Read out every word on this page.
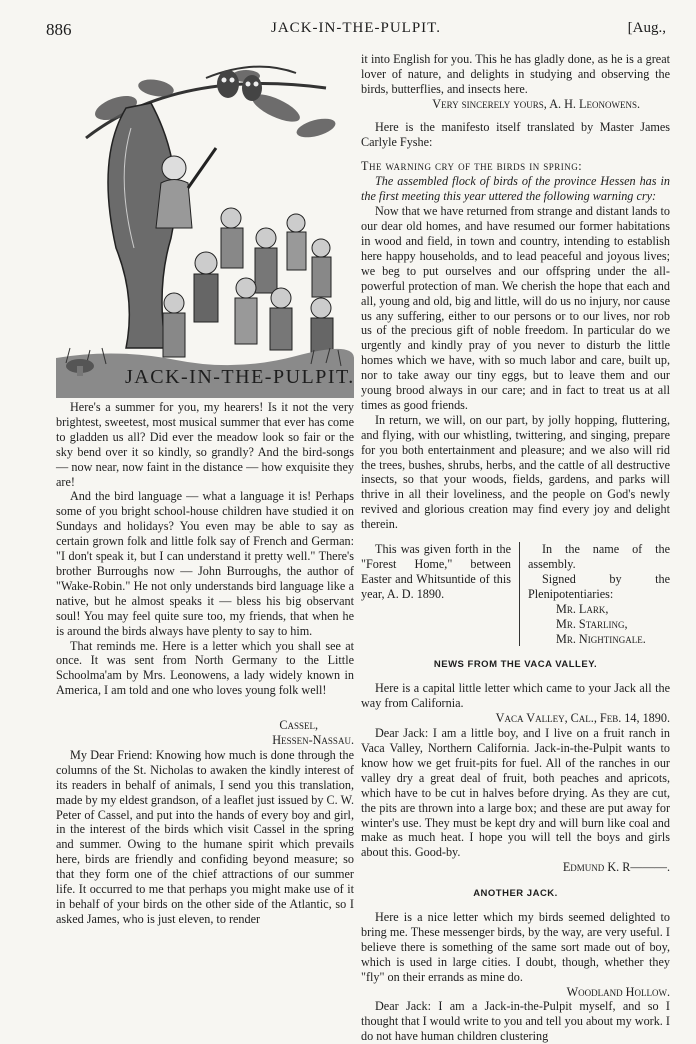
886	JACK-IN-THE-PULPIT.	[Aug.,
JACK-IN-THE-PULPIT.

Here's a summer for you, my hearers! Is it not the very brightest, sweetest, most musical summer that ever has come to gladden us all? Did ever the meadow look so fair or the sky bend over it so kindly, so grandly? And the bird-songs — now near, now faint in the distance — how exquisite they are!

And the bird language — what a language it is! Perhaps some of you bright school-house children have studied it on Sundays and holidays? You even may be able to say as certain grown folk and little folk say of French and German: "I don't speak it, but I can understand it pretty well." There's brother Burroughs now — John Burroughs, the author of "Wake-Robin." He not only understands bird language like a native, but he almost speaks it — bless his big observant soul! You may feel quite sure too, my friends, that when he is around the birds always have plenty to say to him.

That reminds me. Here is a letter which you shall see at once. It was sent from North Germany to the Little Schoolma'am by Mrs. Leonowens, a lady widely known in America, I am told and one who loves young folk well!

Cassel,
Hessen-Nassau.

My Dear Friend: Knowing how much is done through the columns of the St. Nicholas to awaken the kindly interest of its readers in behalf of animals, I send you this translation, made by my eldest grandson, of a leaflet just issued by C. W. Peter of Cassel, and put into the hands of every boy and girl, in the interest of the birds which visit Cassel in the spring and summer. Owing to the humane spirit which prevails here, birds are friendly and confiding beyond measure; so that they form one of the chief attractions of our summer life. It occurred to me that perhaps you might make use of it in behalf of your birds on the other side of the Atlantic, so I asked James, who is just eleven, to render

it into English for you. This he has gladly done, as he is a great lover of nature, and delights in studying and observing the birds, butterflies, and insects here.

Very sincerely yours, A. H. Leonowens.

Here is the manifesto itself translated by Master James Carlyle Fyshe:

The warning cry of the birds in spring:

The assembled flock of birds of the province Hessen has in the first meeting this year uttered the following warning cry:

Now that we have returned from strange and distant lands to our dear old homes, and have resumed our former habitations in wood and field, in town and country, intending to establish here happy households, and to lead peaceful and joyous lives; we beg to put ourselves and our offspring under the all-powerful protection of man. We cherish the hope that each and all, young and old, big and little, will do us no injury, nor cause us any suffering, either to our persons or to our lives, nor rob us of the precious gift of noble freedom. In particular do we urgently and kindly pray of you never to disturb the little homes which we have, with so much labor and care, built up, nor to take away our tiny eggs, but to leave them and our young brood always in our care; and in fact to treat us at all times as good friends.

In return, we will, on our part, by jolly hopping, fluttering, and flying, with our whistling, twittering, and singing, prepare for you both entertainment and pleasure; and we also will rid the trees, bushes, shrubs, herbs, and the cattle of all destructive insects, so that your woods, fields, gardens, and parks will thrive in all their loveliness, and the people on God's newly revived and glorious creation may find every joy and delight therein.

This was given forth in the "Forest Home," between Easter and Whitsuntide of this year, A. D. 1890.

In the name of the assembly.

Signed by the Plenipotentiaries:

Mr. Lark,

Mr. Starling,

Mr. Nightingale.

NEWS FROM THE VACA VALLEY.

Here is a capital little letter which came to your Jack all the way from California.

Vaca Valley, Cal., Feb. 14, 1890.

Dear Jack: I am a little boy, and I live on a fruit ranch in Vaca Valley, Northern California. Jack-in-the-Pulpit wants to know how we get fruit-pits for fuel. All of the ranches in our valley dry a great deal of fruit, both peaches and apricots, which have to be cut in halves before drying. As they are cut, the pits are thrown into a large box; and these are put away for winter's use. They must be kept dry and will burn like coal and make as much heat. I hope you will tell the boys and girls about this. Good-by.

Edmund K. R———.
ANOTHER JACK.

Here is a nice letter which my birds seemed delighted to bring me. These messenger birds, by the way, are very useful. I believe there is something of the same sort made out of boy, which is used in large cities. I doubt, though, whether they "fly" on their errands as mine do.

Woodland Hollow.

Dear Jack: I am a Jack-in-the-Pulpit myself, and so I thought that I would write to you and tell you about my work. I do not have human children clustering
